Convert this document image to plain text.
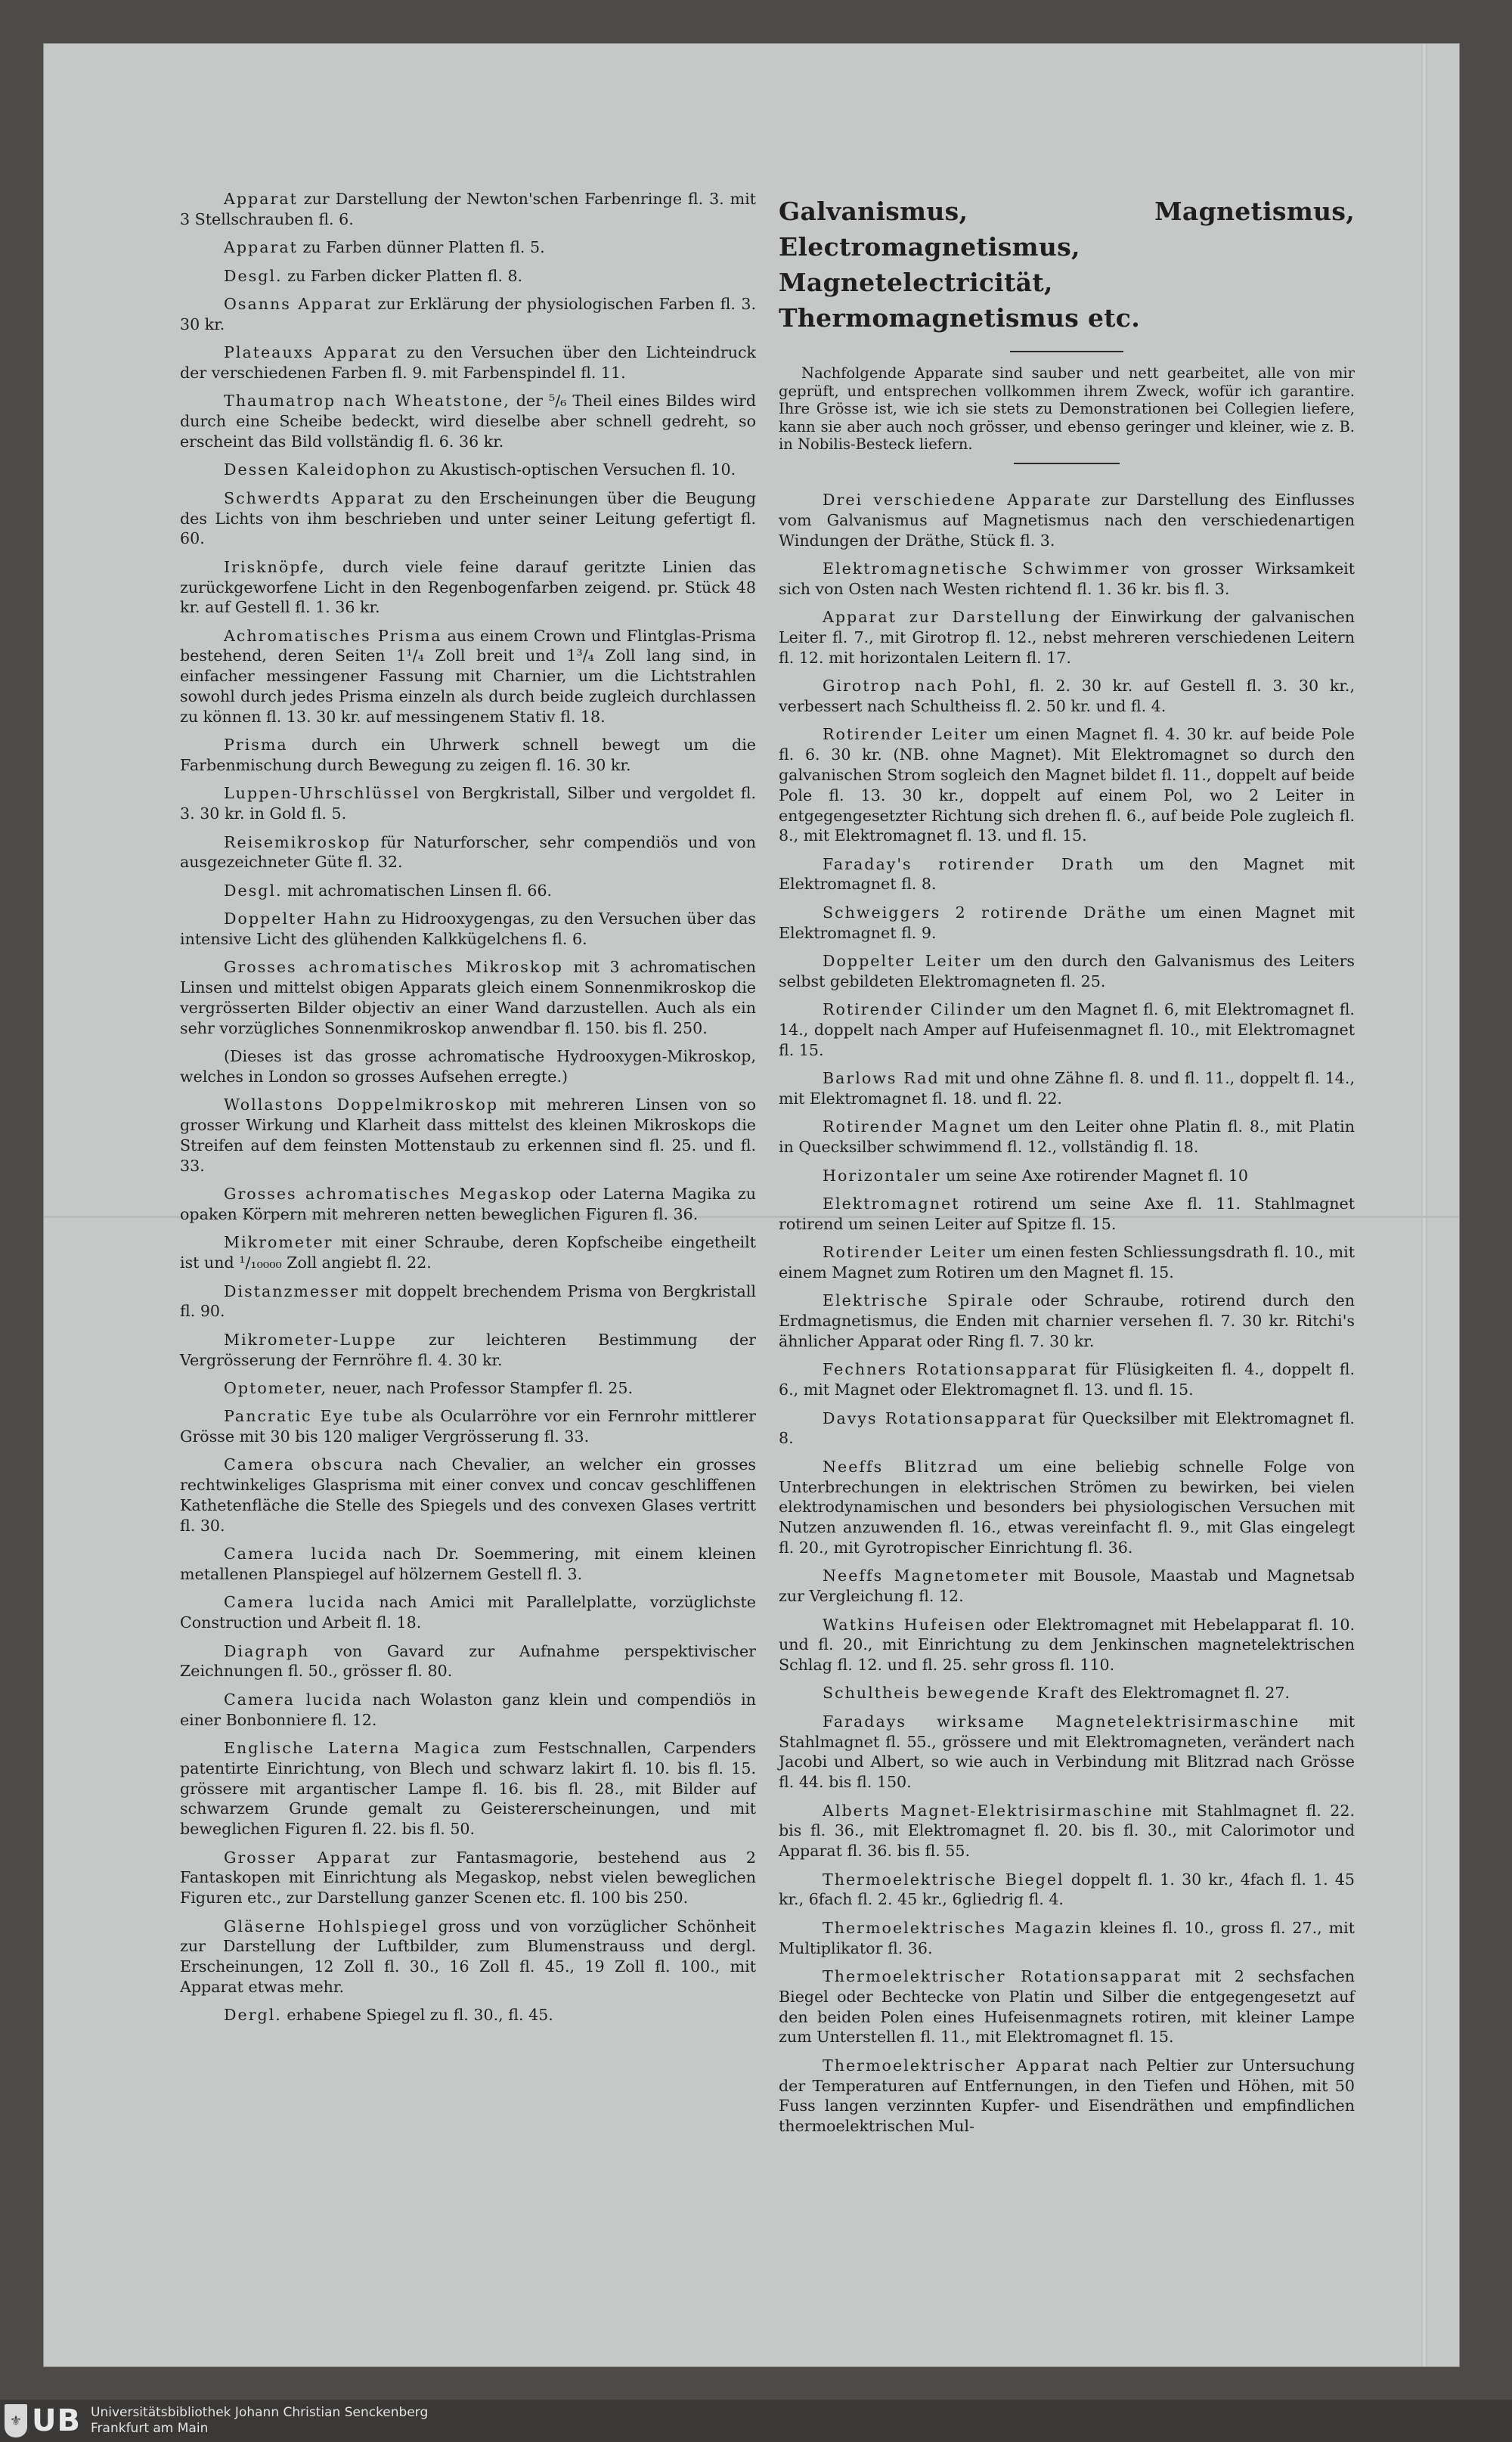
Apparat zur Darstellung der Newton'schen Farbenringe fl. 3. mit 3 Stellschrauben fl. 6.

Apparat zu Farben dünner Platten fl. 5.

Desgl. zu Farben dicker Platten fl. 8.

Osanns Apparat zur Erklärung der physiologischen Farben fl. 3. 30 kr.

Plateauxs Apparat zu den Versuchen über den Lichteindruck der verschiedenen Farben fl. 9. mit Farbenspindel fl. 11.

Thaumatrop nach Wheatstone, der ⁵/₆ Theil eines Bildes wird durch eine Scheibe bedeckt, wird dieselbe aber schnell gedreht, so erscheint das Bild vollständig fl. 6. 36 kr.

Dessen Kaleidophon zu Akustisch-optischen Versuchen fl. 10.

Schwerdts Apparat zu den Erscheinungen über die Beugung des Lichts von ihm beschrieben und unter seiner Leitung gefertigt fl. 60.

Irisknöpfe, durch viele feine darauf geritzte Linien das zurückgeworfene Licht in den Regenbogenfarben zeigend. pr. Stück 48 kr. auf Gestell fl. 1. 36 kr.

Achromatisches Prisma aus einem Crown und Flintglas-Prisma bestehend, deren Seiten 1¹/₄ Zoll breit und 1³/₄ Zoll lang sind, in einfacher messingener Fassung mit Charnier, um die Lichtstrahlen sowohl durch jedes Prisma einzeln als durch beide zugleich durchlassen zu können fl. 13. 30 kr. auf messingenem Stativ fl. 18.

Prisma durch ein Uhrwerk schnell bewegt um die Farbenmischung durch Bewegung zu zeigen fl. 16. 30 kr.

Luppen-Uhrschlüssel von Bergkristall, Silber und vergoldet fl. 3. 30 kr. in Gold fl. 5.

Reisemikroskop für Naturforscher, sehr compendiös und von ausgezeichneter Güte fl. 32.

Desgl. mit achromatischen Linsen fl. 66.

Doppelter Hahn zu Hidrooxygengas, zu den Versuchen über das intensive Licht des glühenden Kalkkügelchens fl. 6.

Grosses achromatisches Mikroskop mit 3 achromatischen Linsen und mittelst obigen Apparats gleich einem Sonnenmikroskop die vergrösserten Bilder objectiv an einer Wand darzustellen. Auch als ein sehr vorzügliches Sonnenmikroskop anwendbar fl. 150. bis fl. 250.

(Dieses ist das grosse achromatische Hydrooxygen-Mikroskop, welches in London so grosses Aufsehen erregte.)

Wollastons Doppelmikroskop mit mehreren Linsen von so grosser Wirkung und Klarheit dass mittelst des kleinen Mikroskops die Streifen auf dem feinsten Mottenstaub zu erkennen sind fl. 25. und fl. 33.

Grosses achromatisches Megaskop oder Laterna Magika zu opaken Körpern mit mehreren netten beweglichen Figuren fl. 36.

Mikrometer mit einer Schraube, deren Kopfscheibe eingetheilt ist und ¹/₁₀₀₀₀ Zoll angiebt fl. 22.

Distanzmesser mit doppelt brechendem Prisma von Bergkristall fl. 90.

Mikrometer-Luppe zur leichteren Bestimmung der Vergrösserung der Fernröhre fl. 4. 30 kr.

Optometer, neuer, nach Professor Stampfer fl. 25.

Pancratic Eye tube als Ocularröhre vor ein Fernrohr mittlerer Grösse mit 30 bis 120 maliger Vergrösserung fl. 33.

Camera obscura nach Chevalier, an welcher ein grosses rechtwinkeliges Glasprisma mit einer convex und concav geschliffenen Kathetenfläche die Stelle des Spiegels und des convexen Glases vertritt fl. 30.

Camera lucida nach Dr. Soemmering, mit einem kleinen metallenen Planspiegel auf hölzernem Gestell fl. 3.

Camera lucida nach Amici mit Parallelplatte, vorzüglichste Construction und Arbeit fl. 18.

Diagraph von Gavard zur Aufnahme perspektivischer Zeichnungen fl. 50., grösser fl. 80.

Camera lucida nach Wolaston ganz klein und compendiös in einer Bonbonniere fl. 12.

Englische Laterna Magica zum Festschnallen, Carpenders patentirte Einrichtung, von Blech und schwarz lakirt fl. 10. bis fl. 15. grössere mit argantischer Lampe fl. 16. bis fl. 28., mit Bilder auf schwarzem Grunde gemalt zu Geistererscheinungen, und mit beweglichen Figuren fl. 22. bis fl. 50.

Grosser Apparat zur Fantasmagorie, bestehend aus 2 Fantaskopen mit Einrichtung als Megaskop, nebst vielen beweglichen Figuren etc., zur Darstellung ganzer Scenen etc. fl. 100 bis 250.

Gläserne Hohlspiegel gross und von vorzüglicher Schönheit zur Darstellung der Luftbilder, zum Blumenstrauss und dergl. Erscheinungen, 12 Zoll fl. 30., 16 Zoll fl. 45., 19 Zoll fl. 100., mit Apparat etwas mehr.

Dergl. erhabene Spiegel zu fl. 30., fl. 45.

Galvanismus, Magnetismus, Electromagnetismus, Magnetelectricität, Thermomagnetismus etc.

Nachfolgende Apparate sind sauber und nett gearbeitet, alle von mir geprüft, und entsprechen vollkommen ihrem Zweck, wofür ich garantire. Ihre Grösse ist, wie ich sie stets zu Demonstrationen bei Collegien liefere, kann sie aber auch noch grösser, und ebenso geringer und kleiner, wie z. B. in Nobilis-Besteck liefern.

Drei verschiedene Apparate zur Darstellung des Einflusses vom Galvanismus auf Magnetismus nach den verschiedenartigen Windungen der Dräthe, Stück fl. 3.

Elektromagnetische Schwimmer von grosser Wirksamkeit sich von Osten nach Westen richtend fl. 1. 36 kr. bis fl. 3.

Apparat zur Darstellung der Einwirkung der galvanischen Leiter fl. 7., mit Girotrop fl. 12., nebst mehreren verschiedenen Leitern fl. 12. mit horizontalen Leitern fl. 17.

Girotrop nach Pohl, fl. 2. 30 kr. auf Gestell fl. 3. 30 kr., verbessert nach Schultheiss fl. 2. 50 kr. und fl. 4.

Rotirender Leiter um einen Magnet fl. 4. 30 kr. auf beide Pole fl. 6. 30 kr. (NB. ohne Magnet). Mit Elektromagnet so durch den galvanischen Strom sogleich den Magnet bildet fl. 11., doppelt auf beide Pole fl. 13. 30 kr., doppelt auf einem Pol, wo 2 Leiter in entgegengesetzter Richtung sich drehen fl. 6., auf beide Pole zugleich fl. 8., mit Elektromagnet fl. 13. und fl. 15.

Faraday's rotirender Drath um den Magnet mit Elektromagnet fl. 8.

Schweiggers 2 rotirende Dräthe um einen Magnet mit Elektromagnet fl. 9.

Doppelter Leiter um den durch den Galvanismus des Leiters selbst gebildeten Elektromagneten fl. 25.

Rotirender Cilinder um den Magnet fl. 6, mit Elektromagnet fl. 14., doppelt nach Amper auf Hufeisenmagnet fl. 10., mit Elektromagnet fl. 15.

Barlows Rad mit und ohne Zähne fl. 8. und fl. 11., doppelt fl. 14., mit Elektromagnet fl. 18. und fl. 22.

Rotirender Magnet um den Leiter ohne Platin fl. 8., mit Platin in Quecksilber schwimmend fl. 12., vollständig fl. 18.

Horizontaler um seine Axe rotirender Magnet fl. 10

Elektromagnet rotirend um seine Axe fl. 11. Stahlmagnet rotirend um seinen Leiter auf Spitze fl. 15.

Rotirender Leiter um einen festen Schliessungsdrath fl. 10., mit einem Magnet zum Rotiren um den Magnet fl. 15.

Elektrische Spirale oder Schraube, rotirend durch den Erdmagnetismus, die Enden mit charnier versehen fl. 7. 30 kr. Ritchi's ähnlicher Apparat oder Ring fl. 7. 30 kr.

Fechners Rotationsapparat für Flüsigkeiten fl. 4., doppelt fl. 6., mit Magnet oder Elektromagnet fl. 13. und fl. 15.

Davys Rotationsapparat für Quecksilber mit Elektromagnet fl. 8.

Neeffs Blitzrad um eine beliebig schnelle Folge von Unterbrechungen in elektrischen Strömen zu bewirken, bei vielen elektrodynamischen und besonders bei physiologischen Versuchen mit Nutzen anzuwenden fl. 16., etwas vereinfacht fl. 9., mit Glas eingelegt fl. 20., mit Gyrotropischer Einrichtung fl. 36.

Neeffs Magnetometer mit Bousole, Maastab und Magnetsab zur Vergleichung fl. 12.

Watkins Hufeisen oder Elektromagnet mit Hebelapparat fl. 10. und fl. 20., mit Einrichtung zu dem Jenkinschen magnetelektrischen Schlag fl. 12. und fl. 25. sehr gross fl. 110.

Schultheis bewegende Kraft des Elektromagnet fl. 27.

Faradays wirksame Magnetelektrisirmaschine mit Stahlmagnet fl. 55., grössere und mit Elektromagneten, verändert nach Jacobi und Albert, so wie auch in Verbindung mit Blitzrad nach Grösse fl. 44. bis fl. 150.

Alberts Magnet-Elektrisirmaschine mit Stahlmagnet fl. 22. bis fl. 36., mit Elektromagnet fl. 20. bis fl. 30., mit Calorimotor und Apparat fl. 36. bis fl. 55.

Thermoelektrische Biegel doppelt fl. 1. 30 kr., 4fach fl. 1. 45 kr., 6fach fl. 2. 45 kr., 6gliedrig fl. 4.

Thermoelektrisches Magazin kleines fl. 10., gross fl. 27., mit Multiplikator fl. 36.

Thermoelektrischer Rotationsapparat mit 2 sechsfachen Biegel oder Bechtecke von Platin und Silber die entgegengesetzt auf den beiden Polen eines Hufeisenmagnets rotiren, mit kleiner Lampe zum Unterstellen fl. 11., mit Elektromagnet fl. 15.

Thermoelektrischer Apparat nach Peltier zur Untersuchung der Temperaturen auf Entfernungen, in den Tiefen und Höhen, mit 50 Fuss langen verzinnten Kupfer- und Eisendräthen und empfindlichen thermoelektrischen Mul-

⚜ UB Universitätsbibliothek Johann Christian Senckenberg
Frankfurt am Main
